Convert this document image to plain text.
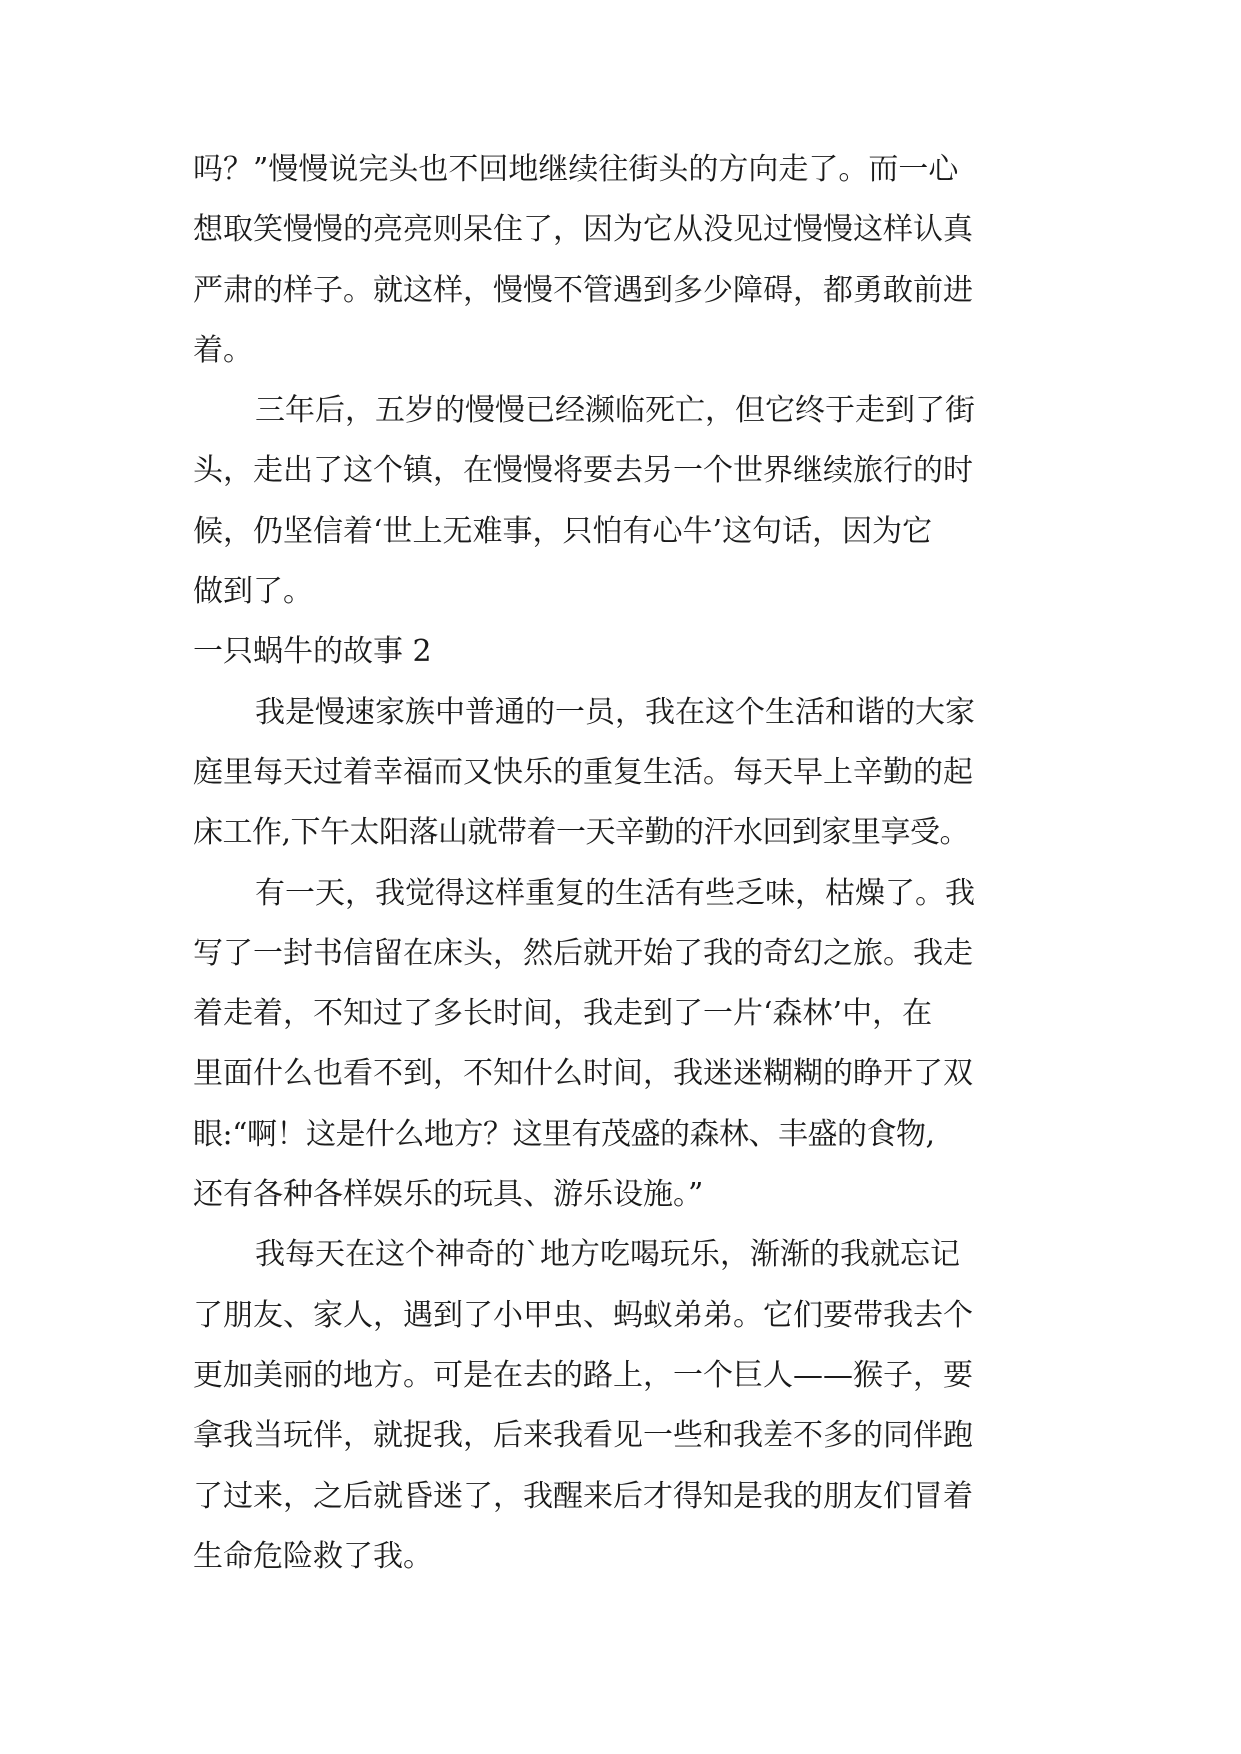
吗？”慢慢说完头也不回地继续往街头的方向走了。而一心
想取笑慢慢的亮亮则呆住了，因为它从没见过慢慢这样认真
严肃的样子。就这样，慢慢不管遇到多少障碍，都勇敢前进
着。
三年后，五岁的慢慢已经濒临死亡，但它终于走到了街
头，走出了这个镇，在慢慢将要去另一个世界继续旅行的时
候，仍坚信着‘世上无难事，只怕有心牛’这句话，因为它
做到了。
一只蜗牛的故事 2
我是慢速家族中普通的一员，我在这个生活和谐的大家
庭里每天过着幸福而又快乐的重复生活。每天早上辛勤的起
床工作,下午太阳落山就带着一天辛勤的汗水回到家里享受。
有一天，我觉得这样重复的生活有些乏味，枯燥了。我
写了一封书信留在床头，然后就开始了我的奇幻之旅。我走
着走着，不知过了多长时间，我走到了一片‘森林’中，在
里面什么也看不到，不知什么时间，我迷迷糊糊的睁开了双
眼:“啊！这是什么地方？这里有茂盛的森林、丰盛的食物,
还有各种各样娱乐的玩具、游乐设施。”
我每天在这个神奇的`地方吃喝玩乐，渐渐的我就忘记
了朋友、家人，遇到了小甲虫、蚂蚁弟弟。它们要带我去个
更加美丽的地方。可是在去的路上，一个巨人——猴子，要
拿我当玩伴，就捉我，后来我看见一些和我差不多的同伴跑
了过来，之后就昏迷了，我醒来后才得知是我的朋友们冒着
生命危险救了我。
